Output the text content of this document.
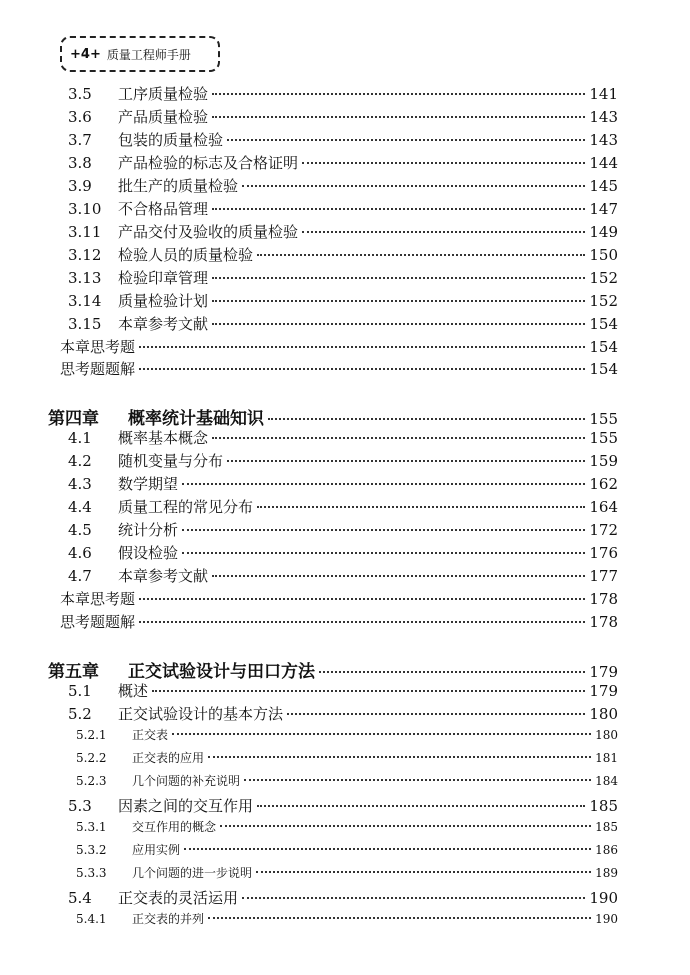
+4+ 质量工程师手册
3.5	工序质量检验	141
3.6	产品质量检验	143
3.7	包装的质量检验	143
3.8	产品检验的标志及合格证明	144
3.9	批生产的质量检验	145
3.10	不合格品管理	147
3.11	产品交付及验收的质量检验	149
3.12	检验人员的质量检验	150
3.13	检验印章管理	152
3.14	质量检验计划	152
3.15	本章参考文献	154
本章思考题	154
思考题题解	154
第四章	概率统计基础知识	155
4.1	概率基本概念	155
4.2	随机变量与分布	159
4.3	数学期望	162
4.4	质量工程的常见分布	164
4.5	统计分析	172
4.6	假设检验	176
4.7	本章参考文献	177
本章思考题	178
思考题题解	178
第五章	正交试验设计与田口方法	179
5.1	概述	179
5.2	正交试验设计的基本方法	180
5.2.1	正交表	180
5.2.2	正交表的应用	181
5.2.3	几个问题的补充说明	184
5.3	因素之间的交互作用	185
5.3.1	交互作用的概念	185
5.3.2	应用实例	186
5.3.3	几个问题的进一步说明	189
5.4	正交表的灵活运用	190
5.4.1	正交表的并列	190
